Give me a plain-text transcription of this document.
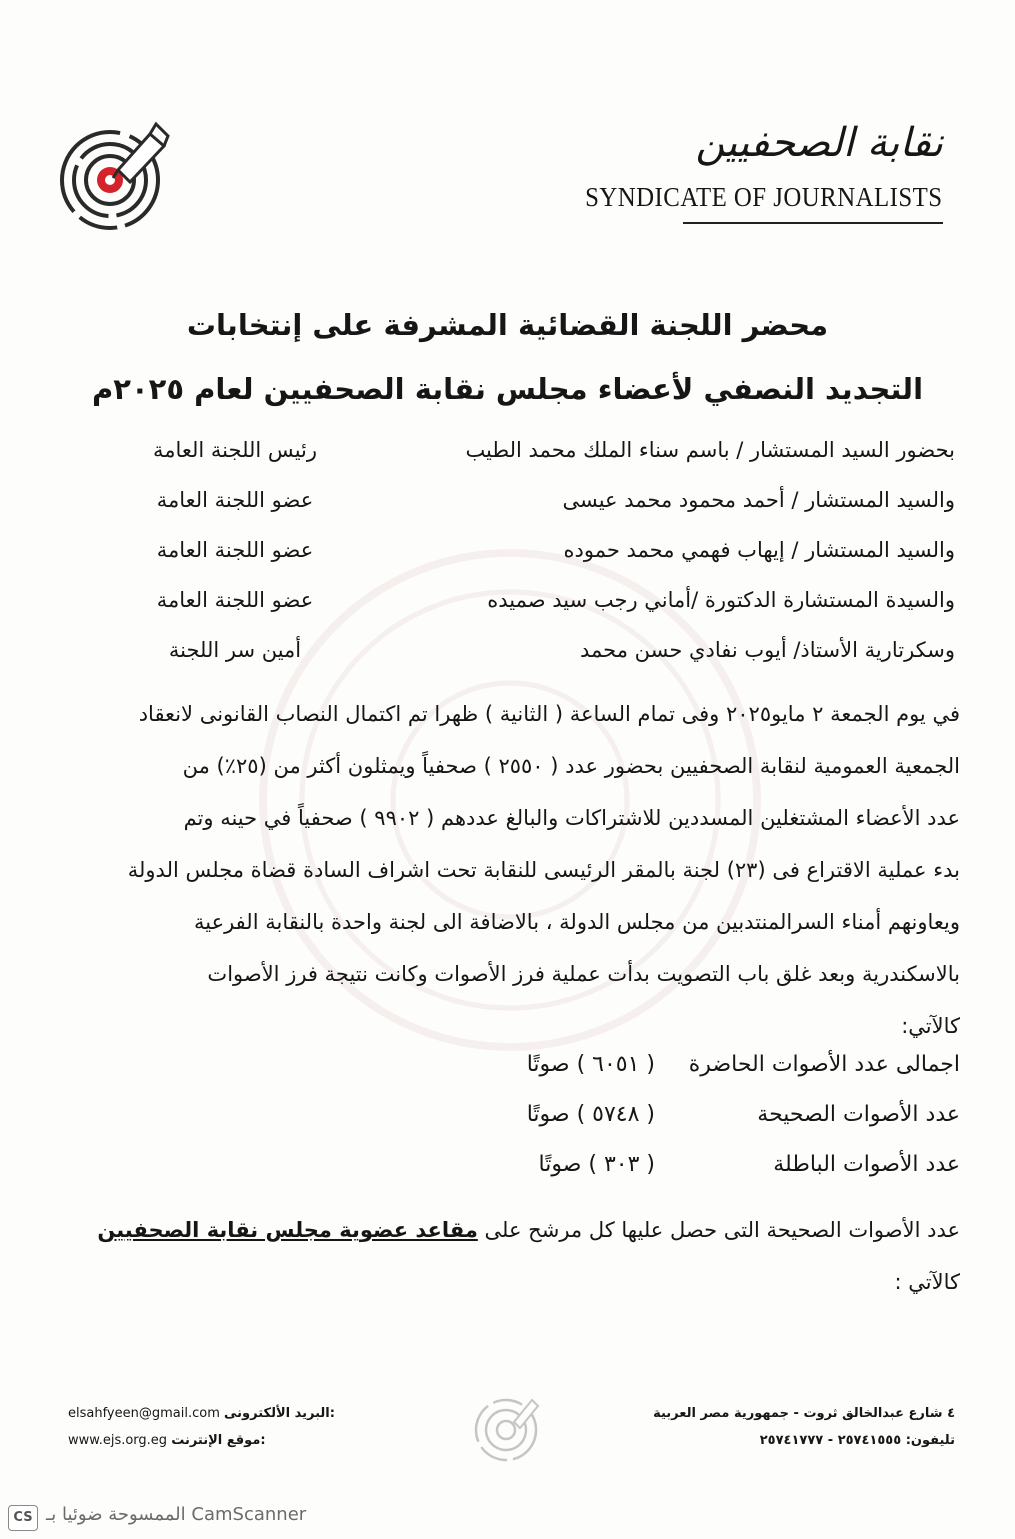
نقابة الصحفيين
SYNDICATE OF JOURNALISTS
محضر اللجنة القضائية المشرفة على إنتخابات
التجديد النصفي لأعضاء مجلس نقابة الصحفيين لعام ٢٠٢٥م
بحضور السيد المستشار / باسم سناء الملك محمد الطيب
رئيس اللجنة العامة
والسيد المستشار / أحمد محمود محمد عيسى
عضو اللجنة العامة
والسيد المستشار / إيهاب فهمي محمد حموده
عضو اللجنة العامة
والسيدة المستشارة الدكتورة /أماني رجب سيد صميده
عضو اللجنة العامة
وسكرتارية الأستاذ/ أيوب نفادي حسن محمد
أمين سر اللجنة

في يوم الجمعة ٢ مايو٢٠٢٥ وفى تمام الساعة ( الثانية ) ظهرا تم اكتمال النصاب القانونى لانعقاد

الجمعية العمومية لنقابة الصحفيين بحضور عدد ( ٢٥٥٠ ) صحفياً ويمثلون أكثر من (٢٥٪) من

عدد الأعضاء المشتغلين المسددين للاشتراكات والبالغ عددهم ( ٩٩٠٢ ) صحفياً في حينه وتم

بدء عملية الاقتراع فى (٢٣) لجنة بالمقر الرئيسى للنقابة تحت اشراف السادة قضاة مجلس الدولة

ويعاونهم أمناء السرالمنتدبين من مجلس الدولة ، بالاضافة الى لجنة واحدة بالنقابة الفرعية

بالاسكندرية وبعد غلق باب التصويت بدأت عملية فرز الأصوات وكانت نتيجة فرز الأصوات

كالآتي:

اجمالى عدد الأصوات الحاضرة
( ٦٠٥١ ) صوتًا
عدد الأصوات الصحيحة
( ٥٧٤٨ ) صوتًا
عدد الأصوات الباطلة
( ٣٠٣ ) صوتًا

عدد الأصوات الصحيحة التى حصل عليها كل مرشح على مقاعد عضوية مجلس نقابة الصحفيين

كالآتي :

٤ شارع عبدالخالق ثروت - جمهورية مصر العربية
تليفون: ٢٥٧٤١٥٥٥ - ٢٥٧٤١٧٧٧
elsahfyeen@gmail.com البريد الألكترونى:
www.ejs.org.eg موقع الإنترنت:
CS الممسوحة ضوئيا بـ CamScanner
